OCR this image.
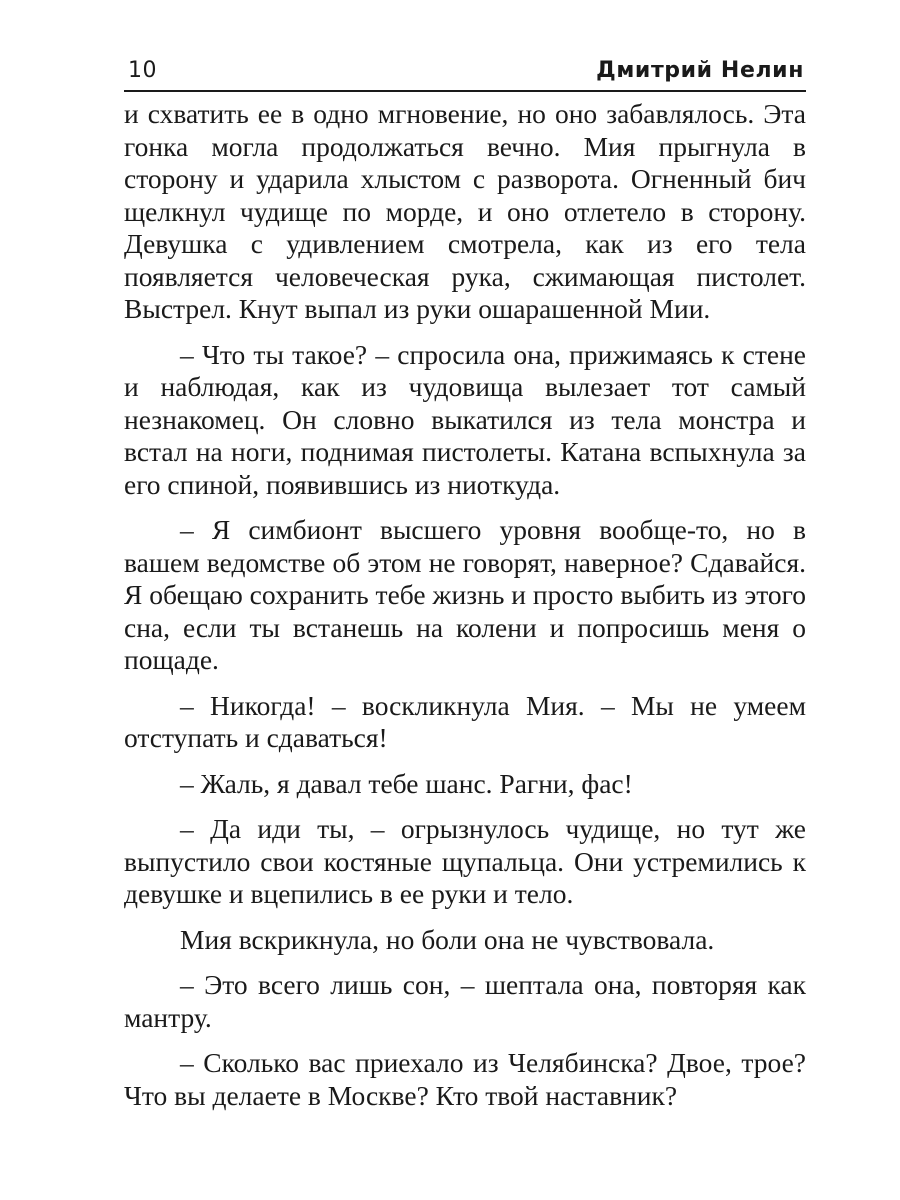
10	Дмитрий Нелин

и схватить ее в одно мгновение, но оно забавлялось. Эта гонка могла продолжаться вечно. Мия прыгнула в сторону и ударила хлыстом с разворота. Огненный бич щелкнул чудище по морде, и оно отлетело в сторону. Девушка с удивлением смотрела, как из его тела появляется человеческая рука, сжимающая пистолет. Выстрел. Кнут выпал из руки ошарашенной Мии.

– Что ты такое? – спросила она, прижимаясь к стене и наблюдая, как из чудовища вылезает тот самый незнакомец. Он словно выкатился из тела монстра и встал на ноги, поднимая пистолеты. Катана вспыхнула за его спиной, появившись из ниоткуда.

– Я симбионт высшего уровня вообще-то, но в вашем ведомстве об этом не говорят, наверное? Сдавайся. Я обещаю сохранить тебе жизнь и просто выбить из этого сна, если ты встанешь на колени и попросишь меня о пощаде.

– Никогда! – воскликнула Мия. – Мы не умеем отступать и сдаваться!

– Жаль, я давал тебе шанс. Рагни, фас!

– Да иди ты, – огрызнулось чудище, но тут же выпустило свои костяные щупальца. Они устремились к девушке и вцепились в ее руки и тело.

Мия вскрикнула, но боли она не чувствовала.

– Это всего лишь сон, – шептала она, повторяя как мантру.

– Сколько вас приехало из Челябинска? Двое, трое? Что вы делаете в Москве? Кто твой наставник?
